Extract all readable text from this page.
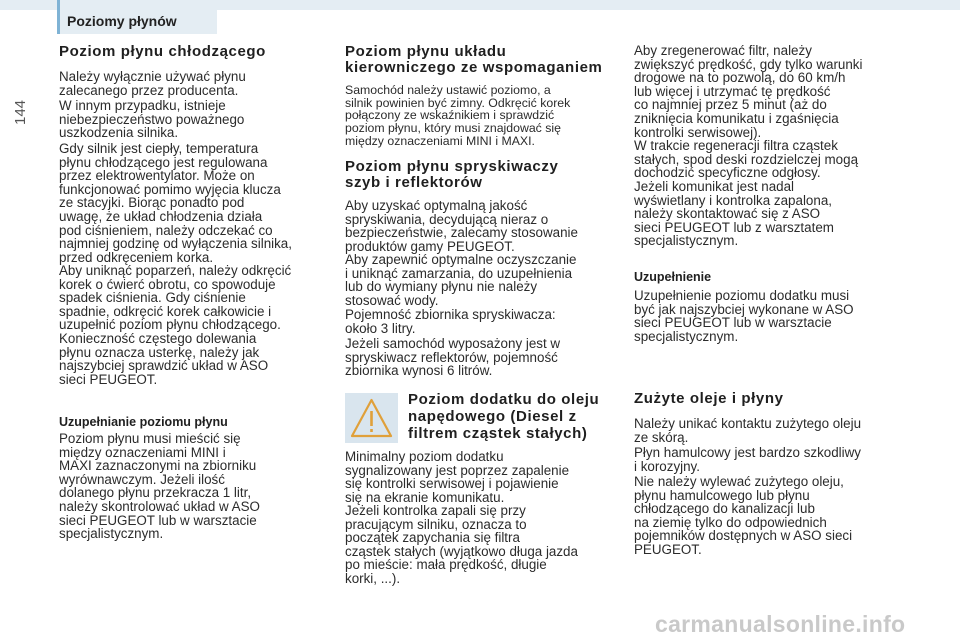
Poziomy płynów
144
Poziom płynu chłodzącego
Należy wyłącznie używać płynu
zalecanego przez producenta.
W innym przypadku, istnieje
niebezpieczeństwo poważnego
uszkodzenia silnika.
Gdy silnik jest ciepły, temperatura
płynu chłodzącego jest regulowana
przez elektrowentylator. Może on
funkcjonować pomimo wyjęcia klucza
ze stacyjki. Biorąc ponadto pod
uwagę, że układ chłodzenia działa
pod ciśnieniem, należy odczekać co
najmniej godzinę od wyłączenia silnika,
przed odkręceniem korka.
Aby uniknąć poparzeń, należy odkręcić
korek o ćwierć obrotu, co spowoduje
spadek ciśnienia. Gdy ciśnienie
spadnie, odkręcić korek całkowicie i
uzupełnić poziom płynu chłodzącego.
Konieczność częstego dolewania
płynu oznacza usterkę, należy jak
najszybciej sprawdzić układ w ASO
sieci PEUGEOT.
Uzupełnianie poziomu płynu
Poziom płynu musi mieścić się
między oznaczeniami MINI i
MAXI zaznaczonymi na zbiorniku
wyrównawczym. Jeżeli ilość
dolanego płynu przekracza 1 litr,
należy skontrolować układ w ASO
sieci PEUGEOT lub w warsztacie
specjalistycznym.
Poziom płynu układu
kierowniczego ze wspomaganiem
Samochód należy ustawić poziomo, a
silnik powinien być zimny. Odkręcić korek
połączony ze wskaźnikiem i sprawdzić
poziom płynu, który musi znajdować się
między oznaczeniami MINI i MAXI.
Poziom płynu spryskiwaczy
szyb i reflektorów
Aby uzyskać optymalną jakość
spryskiwania, decydującą nieraz o
bezpieczeństwie, zalecamy stosowanie
produktów gamy PEUGEOT.
Aby zapewnić optymalne oczyszczanie
i uniknąć zamarzania, do uzupełnienia
lub do wymiany płynu nie należy
stosować wody.
Pojemność zbiornika spryskiwacza:
około 3 litry.
Jeżeli samochód wyposażony jest w
spryskiwacz reflektorów, pojemność
zbiornika wynosi 6 litrów.
Poziom dodatku do oleju
napędowego (Diesel z
filtrem cząstek stałych)
Minimalny poziom dodatku
sygnalizowany jest poprzez zapalenie
się kontrolki serwisowej i pojawienie
się na ekranie komunikatu.
Jeżeli kontrolka zapali się przy
pracującym silniku, oznacza to
początek zapychania się filtra
cząstek stałych (wyjątkowo długa jazda
po mieście: mała prędkość, długie
korki, ...).
Aby zregenerować filtr, należy
zwiększyć prędkość, gdy tylko warunki
drogowe na to pozwolą, do 60 km/h
lub więcej i utrzymać tę prędkość
co najmniej przez 5 minut (aż do
zniknięcia komunikatu i zgaśnięcia
kontrolki serwisowej).
W trakcie regeneracji filtra cząstek
stałych, spod deski rozdzielczej mogą
dochodzić specyficzne odgłosy.
Jeżeli komunikat jest nadal
wyświetlany i kontrolka zapalona,
należy skontaktować się z ASO
sieci PEUGEOT lub z warsztatem
specjalistycznym.
Uzupełnienie
Uzupełnienie poziomu dodatku musi
być jak najszybciej wykonane w ASO
sieci PEUGEOT lub w warsztacie
specjalistycznym.
Zużyte oleje i płyny
Należy unikać kontaktu zużytego oleju
ze skórą.
Płyn hamulcowy jest bardzo szkodliwy
i korozyjny.
Nie należy wylewać zużytego oleju,
płynu hamulcowego lub płynu
chłodzącego do kanalizacji lub
na ziemię tylko do odpowiednich
pojemników dostępnych w ASO sieci
PEUGEOT.
carmanualsonline.info
